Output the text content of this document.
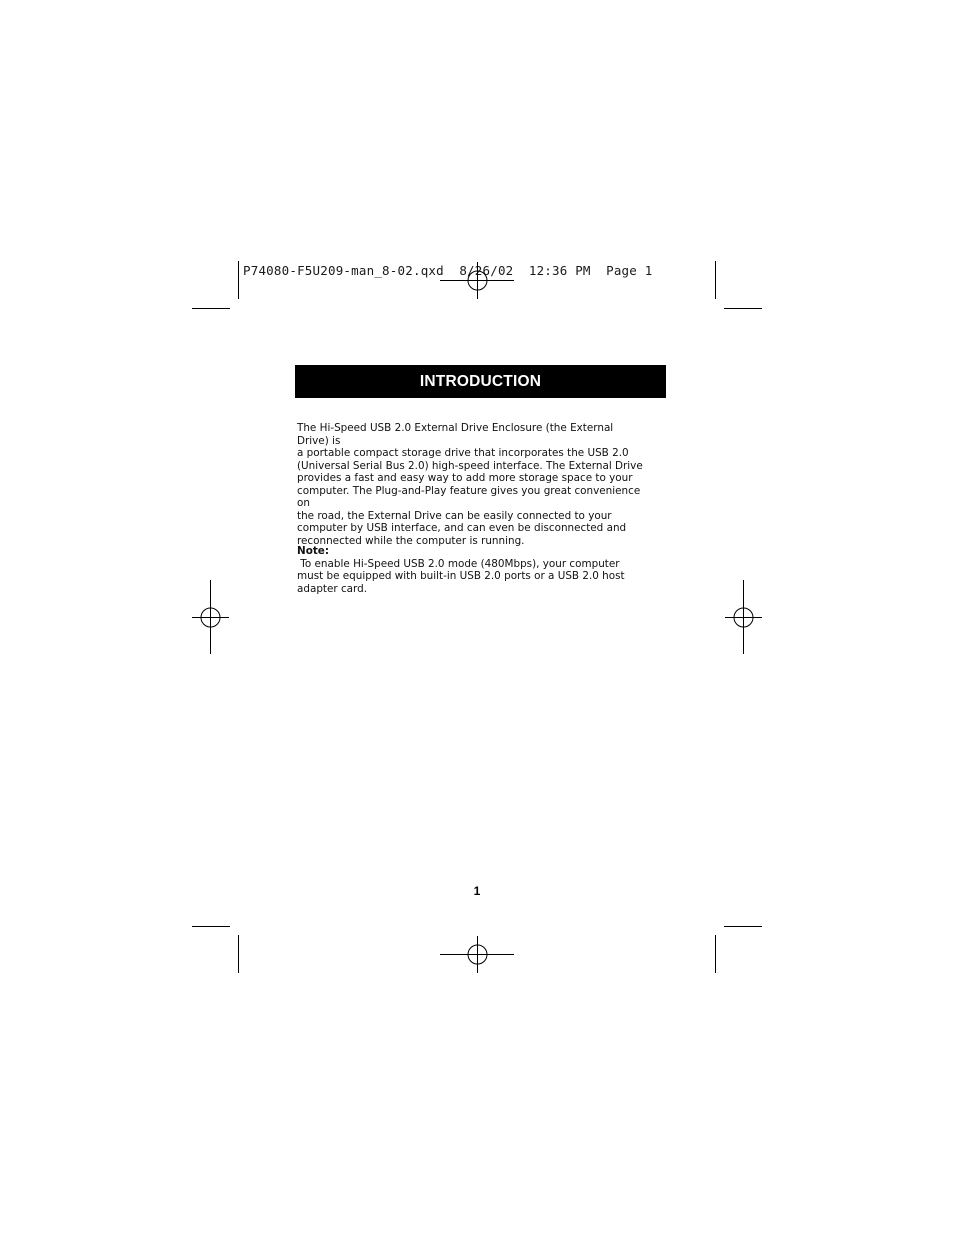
P74080-F5U209-man_8-02.qxd  8/26/02  12:36 PM  Page 1
INTRODUCTION
The Hi-Speed USB 2.0 External Drive Enclosure (the External Drive) is
a portable compact storage drive that incorporates the USB 2.0
(Universal Serial Bus 2.0) high-speed interface. The External Drive
provides a fast and easy way to add more storage space to your
computer. The Plug-and-Play feature gives you great convenience on
the road, the External Drive can be easily connected to your
computer by USB interface, and can even be disconnected and
reconnected while the computer is running.
Note: To enable Hi-Speed USB 2.0 mode (480Mbps), your computer
must be equipped with built-in USB 2.0 ports or a USB 2.0 host
adapter card.
1
